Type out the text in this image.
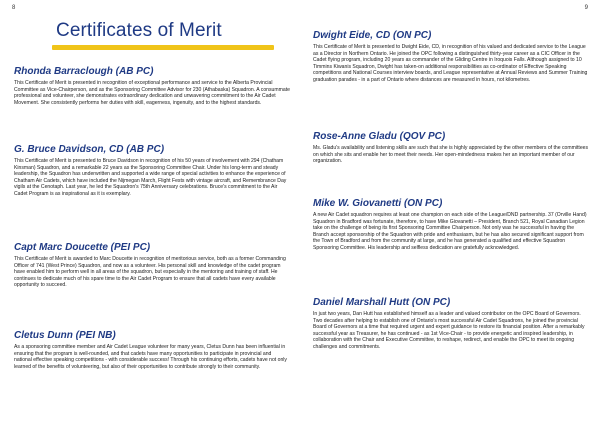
8	9
Certificates of Merit
Rhonda Barraclough (AB PC)

This Certificate of Merit is presented in recognition of exceptional performance and service to the Alberta Provincial Committee as Vice-Chairperson, and as the Sponsoring Committee Advisor for 230 (Athabaska) Squadron. A consummate professional and volunteer, she demonstrates extraordinary dedication and unwavering commitment to the Air Cadet Movement. She consistently performs her duties with skill, eagerness, ingenuity, and to the highest standards.

G. Bruce Davidson, CD (AB PC)

This Certificate of Merit is presented to Bruce Davidson in recognition of his 50 years of involvement with 294 (Chatham Kinsman) Squadron, and a remarkable 22 years as the Sponsoring Committee Chair. Under his long-term and steady leadership, the Squadron has underwritten and supported a wide range of special activities to enhance the experience of Chatham Air Cadets, which have included the Nijmegan March, Flight Fests with vintage aircraft, and Remembrance Day vigils at the Cenotaph. Last year, he led the Squadron's 75th Anniversary celebrations. Bruce's commitment to the Air Cadet Program is as inspirational as it is exemplary.

Capt Marc Doucette (PEI PC)

This Certificate of Merit is awarded to Marc Doucette in recognition of meritorious service, both as a former Commanding Officer of 741 (West Prince) Squadron, and now as a volunteer. His personal skill and knowledge of the cadet program have enabled him to perform well in all areas of the squadron, but especially in the mentoring and training of staff. He continues to dedicate much of his spare time to the Air Cadet Program to ensure that all cadets have every available opportunity to succeed.

Cletus Dunn (PEI NB)

As a sponsoring committee member and Air Cadet League volunteer for many years, Cletus Dunn has been influential in ensuring that the program is well-rounded, and that cadets have many opportunities to participate in provincial and national effective speaking competitions - with considerable success! Through his continuing efforts, cadets have not only learned of the benefits of volunteering, but also of their opportunities to contribute strongly to their community.

Dwight Eide, CD (ON PC)

This Certificate of Merit is presented to Dwight Eide, CD, in recognition of his valued and dedicated service to the League as a Director in Northern Ontario. He joined the OPC following a distinguished thirty-year career as a CIC Officer in the Cadet flying program, including 20 years as commander of the Gliding Centre in Iroquois Falls. Although assigned to 10 Timmins Kiwanis Squadron, Dwight has taken-on additional responsibilities as co-ordinator of Effective Speaking competitions and National Courses interview boards, and League representative at Annual Reviews and Summer Training graduation parades - in a part of Ontario where distances are measured in hours, not kilometres.

Rose-Anne Gladu (QOV PC)

Ms. Gladu's availability and listening skills are such that she is highly appreciated by the other members of the committees on which she sits and enable her to meet their needs. Her open-mindedness makes her an important member of our organization.

Mike W. Giovanetti (ON PC)

A new Air Cadet squadron requires at least one champion on each side of the League/DND partnership. 37 (Orville Hand) Squadron in Bradford was fortunate, therefore, to have Mike Giovanetti – President, Branch 521, Royal Canadian Legion take on the challenge of being its first Sponsoring Committee Chairperson. Not only was he successful in having the Branch accept sponsorship of the Squadron with pride and enthusiasm, but he has also secured significant support from the Town of Bradford and from the community at large, and he has generated a qualified and effective Squadron Sponsoring Committee. His leadership and selfless dedication are gratefully acknowledged.

Daniel Marshall Hutt (ON PC)

In just two years, Dan Hutt has established himself as a leader and valued contributor on the OPC Board of Governors. Two decades after helping to establish one of Ontario's most successful Air Cadet Squadrons, he joined the provincial Board of Governors at a time that required urgent and expert guidance to restore its financial position. After a remarkably successful year as Treasurer, he has continued - as 1st Vice-Chair - to provide energetic and inspired leadership, in collaboration with the Chair and Executive Committee, to reshape, redirect, and enable the OPC to meet its ongoing challenges and commitments.
